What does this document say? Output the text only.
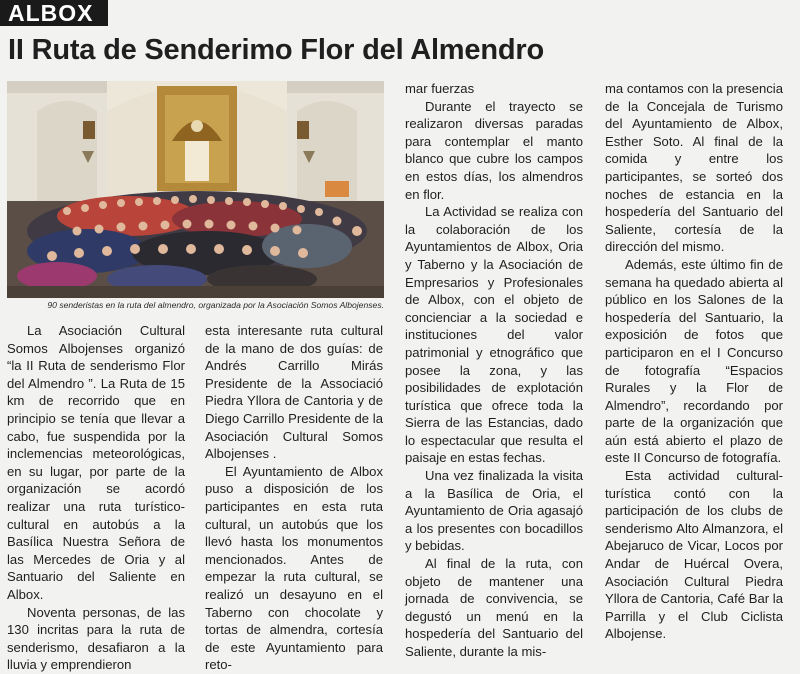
ALBOX
II Ruta de Senderimo Flor del Almendro
90 senderistas en la ruta del almendro, organizada por la Asociación Somos Albojenses.

La Asociación Cultural Somos Albojenses organizó “la II Ruta de senderismo Flor del Almendro ”. La Ruta de 15 km de recorrido que en principio se tenía que llevar a cabo, fue suspendida por la inclemencias meteorológicas, en su lugar, por parte de la organización se acordó realizar una ruta turístico-cultural en autobús a la Basílica Nuestra Señora de las Mercedes de Oria y al Santuario del Saliente en Albox.

Noventa personas, de las 130 incritas para la ruta de senderismo, desafiaron a la lluvia y emprendieron

esta interesante ruta cultural de la mano de dos guías: de Andrés Carrillo Mirás Presidente de la Associació Piedra Yllora de Cantoria y de Diego Carrillo Presidente de la Asociación Cultural Somos Albojenses .

El Ayuntamiento de Albox puso a disposición de los participantes en esta ruta cultural, un autobús que los llevó hasta los monumentos mencionados. Antes de empezar la ruta cultural, se realizó un desayuno en el Taberno con chocolate y tortas de almendra, cortesía de este Ayuntamiento para reto-

mar fuerzas

Durante el trayecto se realizaron diversas paradas para contemplar el manto blanco que cubre los campos en estos días, los almendros en flor.

La Actividad se realiza con la colaboración de los Ayuntamientos de Albox, Oria y Taberno y la Asociación de Empresarios y Profesionales de Albox, con el objeto de concienciar a la sociedad e instituciones del valor patrimonial y etnográfico que posee la zona, y las posibilidades de explotación turística que ofrece toda la Sierra de las Estancias, dado lo espectacular que resulta el paisaje en estas fechas.

Una vez finalizada la visita a la Basílica de Oria, el Ayuntamiento de Oria agasajó a los presentes con bocadillos y bebidas.

Al final de la ruta, con objeto de mantener una jornada de convivencia, se degustó un menú en la hospedería del Santuario del Saliente, durante la mis-

ma contamos con la presencia de la Concejala de Turismo del Ayuntamiento de Albox, Esther Soto. Al final de la comida y entre los participantes, se sorteó dos noches de estancia en la hospedería del Santuario del Saliente, cortesía de la dirección del mismo.

Además, este último fin de semana ha quedado abierta al público en los Salones de la hospedería del Santuario, la exposición de fotos que participaron en el I Concurso de fotografía “Espacios Rurales y la Flor de Almendro”, recordando por parte de la organización que aún está abierto el plazo de este II Concurso de fotografía.

Esta actividad cultural-turística contó con la participación de los clubs de senderismo Alto Almanzora, el Abejaruco de Vicar, Locos por Andar de Huércal Overa, Asociación Cultural Piedra Yllora de Cantoria, Café Bar la Parrilla y el Club Ciclista Albojense.
